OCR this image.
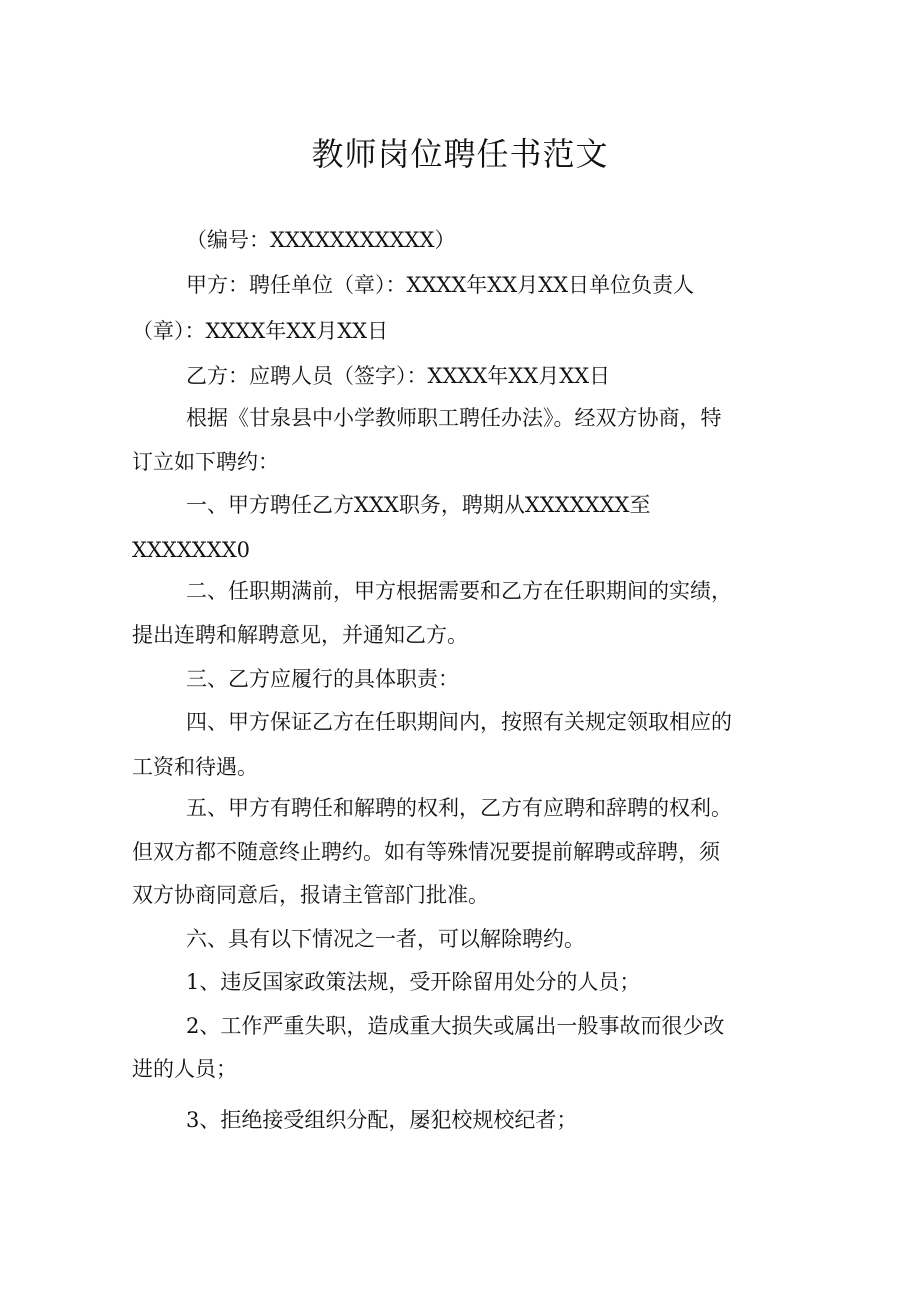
教师岗位聘任书范文
（编号：XXXXXXXXXXX）
甲方：聘任单位（章）：XXXX年XX月XX日单位负责人
（章）：XXXX年XX月XX日
乙方：应聘人员（签字）：XXXX年XX月XX日
根据《甘泉县中小学教师职工聘任办法》。经双方协商，特
订立如下聘约：
一、甲方聘任乙方XXX职务，聘期从XXXXXXX至
XXXXXXX0
二、任职期满前，甲方根据需要和乙方在任职期间的实绩，
提出连聘和解聘意见，并通知乙方。
三、乙方应履行的具体职责：
四、甲方保证乙方在任职期间内，按照有关规定领取相应的
工资和待遇。
五、甲方有聘任和解聘的权利，乙方有应聘和辞聘的权利。
但双方都不随意终止聘约。如有等殊情况要提前解聘或辞聘，须
双方协商同意后，报请主管部门批准。
六、具有以下情况之一者，可以解除聘约。
1、违反国家政策法规，受开除留用处分的人员；
2、工作严重失职，造成重大损失或属出一般事故而很少改
进的人员；
3、拒绝接受组织分配，屡犯校规校纪者；
